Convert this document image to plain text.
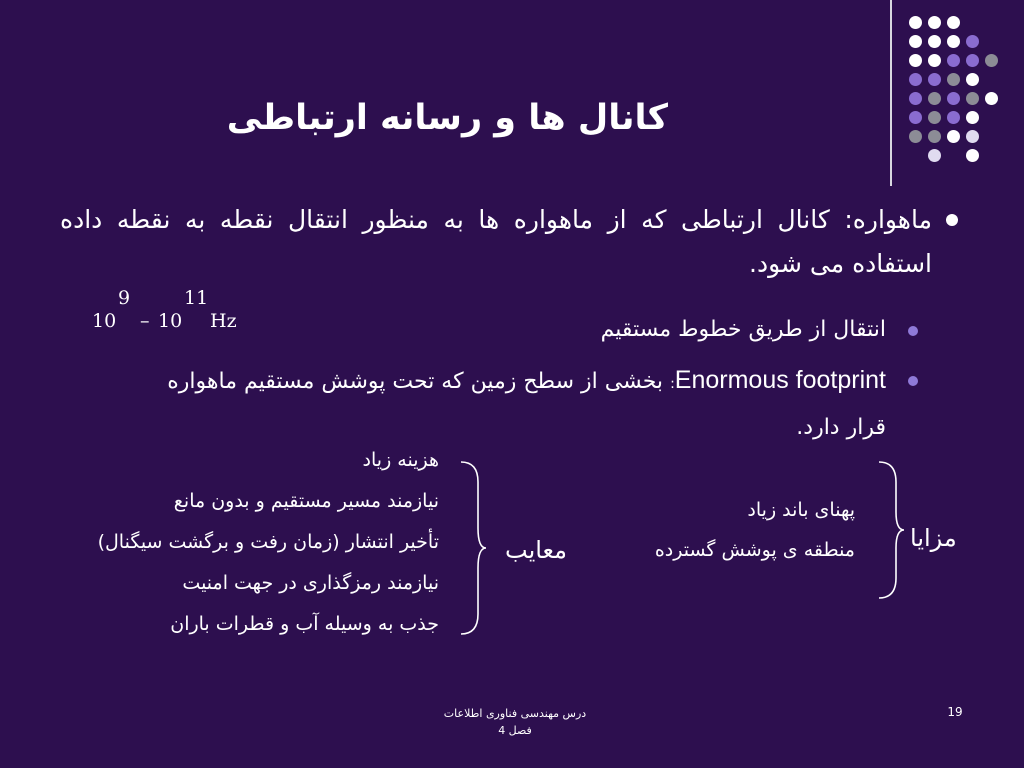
کانال ها و رسانه ارتباطی
ماهواره: کانال ارتباطی که از ماهواره ها به منظور انتقال نقطه به نقطه داده استفاده می شود.
10
9
– 10
11
Hz	انتقال از طریق خطوط مستقیم
Enormous footprint: بخشی از سطح زمین که تحت پوشش مستقیم ماهواره
قرار دارد.
هزینه زیاد
نیازمند مسیر مستقیم و بدون مانع
تأخیر انتشار (زمان رفت و برگشت سیگنال)
نیازمند رمزگذاری در جهت امنیت
جذب به وسیله آب و قطرات باران
معایب
پهنای باند زیاد
منطقه ی پوشش گسترده مزایا
درس مهندسی فناوری اطلاعات
فصل 4
19
